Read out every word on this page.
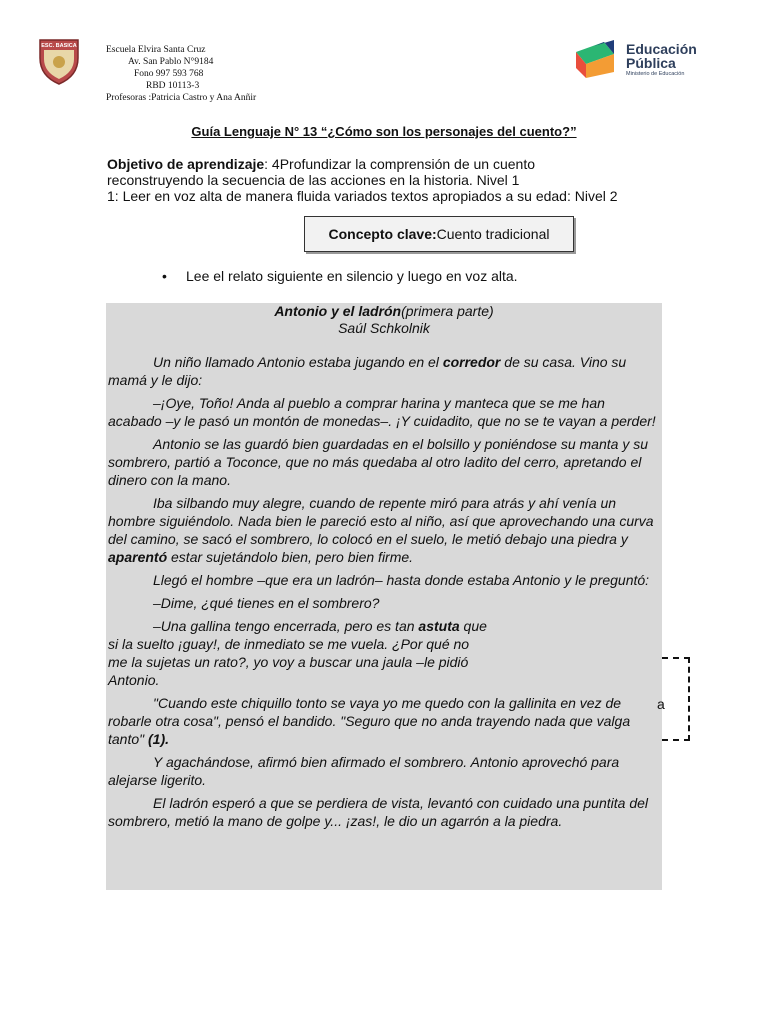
ESC. BASICA	Escuela Elvira Santa Cruz
Av. San Pablo N°9184
Fono 997 593 768
RBD 10113-3
Profesoras :Patricia Castro y Ana Anñir
Educación
Pública
Ministerio de Educación
Guía Lenguaje N° 13 “¿Cómo son los personajes del cuento?”
Objetivo de aprendizaje: 4Profundizar la comprensión de un cuento
reconstruyendo la secuencia de las acciones en la historia. Nivel 1
1: Leer en voz alta de manera fluida variados textos apropiados a su edad: Nivel 2
Concepto clave: Cuento tradicional
• Lee el relato siguiente en silencio y luego en voz alta.
Antonio y el ladrón(primera parte)
Saúl Schkolnik

Un niño llamado Antonio estaba jugando en el corredor de su casa. Vino su mamá y le dijo:

–¡Oye, Toño! Anda al pueblo a comprar harina y manteca que se me han acabado –y le pasó un montón de monedas–. ¡Y cuidadito, que no se te vayan a perder!

Antonio se las guardó bien guardadas en el bolsillo y poniéndose su manta y su sombrero, partió a Toconce, que no más quedaba al otro ladito del cerro, apretando el dinero con la mano.

Iba silbando muy alegre, cuando de repente miró para atrás y ahí venía un hombre siguiéndolo. Nada bien le pareció esto al niño, así que aprovechando una curva del camino, se sacó el sombrero, lo colocó en el suelo, le metió debajo una piedra y aparentó estar sujetándolo bien, pero bien firme.

Llegó el hombre –que era un ladrón– hasta donde estaba Antonio y le preguntó:

–Dime, ¿qué tienes en el sombrero?

–Una gallina tengo encerrada, pero es tan astuta que si la suelto ¡guay!, de inmediato se me vuela. ¿Por qué no me la sujetas un rato?, yo voy a buscar una jaula –le pidió Antonio.

"Cuando este chiquillo tonto se vaya yo me quedo con la gallinita en vez de robarle otra cosa", pensó el bandido. "Seguro que no anda trayendo nada que valga tanto" (1).

Y agachándose, afirmó bien afirmado el sombrero. Antonio aprovechó para alejarse ligerito.

El ladrón esperó a que se perdiera de vista, levantó con cuidado una puntita del sombrero, metió la mano de golpe y... ¡zas!, le dio un agarrón a la piedra.

a
